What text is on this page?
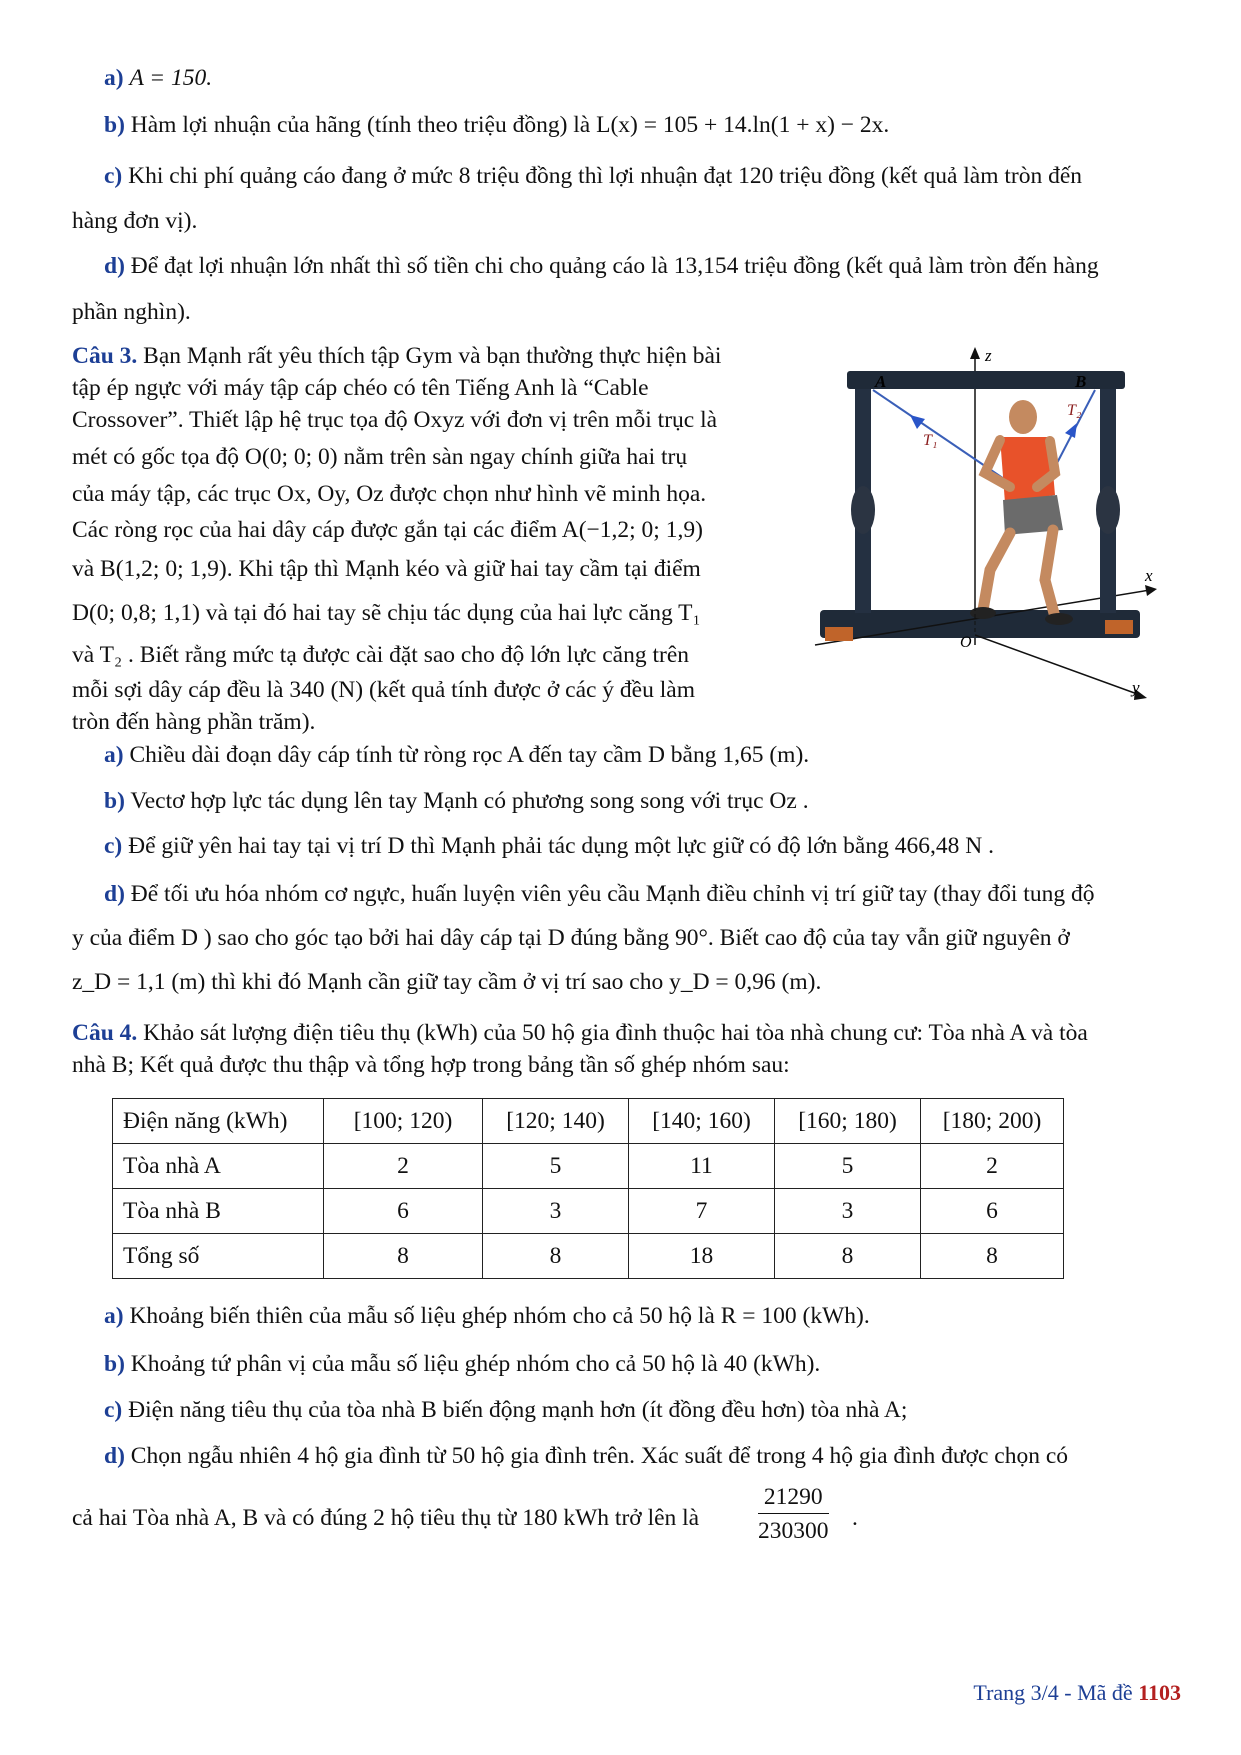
a) A = 150.
b) Hàm lợi nhuận của hãng (tính theo triệu đồng) là L(x) = 105 + 14.ln(1 + x) − 2x.
c) Khi chi phí quảng cáo đang ở mức 8 triệu đồng thì lợi nhuận đạt 120 triệu đồng (kết quả làm tròn đến
hàng đơn vị).
d) Để đạt lợi nhuận lớn nhất thì số tiền chi cho quảng cáo là 13,154 triệu đồng (kết quả làm tròn đến hàng
phần nghìn).
Câu 3. Bạn Mạnh rất yêu thích tập Gym và bạn thường thực hiện bài
tập ép ngực với máy tập cáp chéo có tên Tiếng Anh là “Cable
Crossover”. Thiết lập hệ trục tọa độ Oxyz với đơn vị trên mỗi trục là
mét có gốc tọa độ O(0; 0; 0) nằm trên sàn ngay chính giữa hai trụ
của máy tập, các trục Ox, Oy, Oz được chọn như hình vẽ minh họa.
Các ròng rọc của hai dây cáp được gắn tại các điểm A(−1,2; 0; 1,9)
và B(1,2; 0; 1,9). Khi tập thì Mạnh kéo và giữ hai tay cầm tại điểm
D(0; 0,8; 1,1) và tại đó hai tay sẽ chịu tác dụng của hai lực căng T₁
và T₂ . Biết rằng mức tạ được cài đặt sao cho độ lớn lực căng trên
mỗi sợi dây cáp đều là 340 (N) (kết quả tính được ở các ý đều làm
tròn đến hàng phần trăm).
z
x
y
O
A	B
T₁
T₂
a) Chiều dài đoạn dây cáp tính từ ròng rọc A đến tay cầm D bằng 1,65 (m).
b) Vectơ hợp lực tác dụng lên tay Mạnh có phương song song với trục Oz .
c) Để giữ yên hai tay tại vị trí D thì Mạnh phải tác dụng một lực giữ có độ lớn bằng 466,48 N .
d) Để tối ưu hóa nhóm cơ ngực, huấn luyện viên yêu cầu Mạnh điều chỉnh vị trí giữ tay (thay đổi tung độ
y của điểm D ) sao cho góc tạo bởi hai dây cáp tại D đúng bằng 90°. Biết cao độ của tay vẫn giữ nguyên ở
z_D = 1,1 (m) thì khi đó Mạnh cần giữ tay cầm ở vị trí sao cho y_D = 0,96 (m).
Câu 4. Khảo sát lượng điện tiêu thụ (kWh) của 50 hộ gia đình thuộc hai tòa nhà chung cư: Tòa nhà A và tòa
nhà B; Kết quả được thu thập và tổng hợp trong bảng tần số ghép nhóm sau:
Điện năng (kWh)	[100; 120)	[120; 140)	[140; 160)	[160; 180)	[180; 200)
Tòa nhà A	2	5	11	5	2
Tòa nhà B	6	3	7	3	6
Tổng số	8	8	18	8	8
a) Khoảng biến thiên của mẫu số liệu ghép nhóm cho cả 50 hộ là R = 100 (kWh).
b) Khoảng tứ phân vị của mẫu số liệu ghép nhóm cho cả 50 hộ là 40 (kWh).
c) Điện năng tiêu thụ của tòa nhà B biến động mạnh hơn (ít đồng đều hơn) tòa nhà A;
d) Chọn ngẫu nhiên 4 hộ gia đình từ 50 hộ gia đình trên. Xác suất để trong 4 hộ gia đình được chọn có
cả hai Tòa nhà A, B và có đúng 2 hộ tiêu thụ từ 180 kWh trở lên là	$\frac{21290}{230300}$ .
Trang 3/4 - Mã đề 1103
